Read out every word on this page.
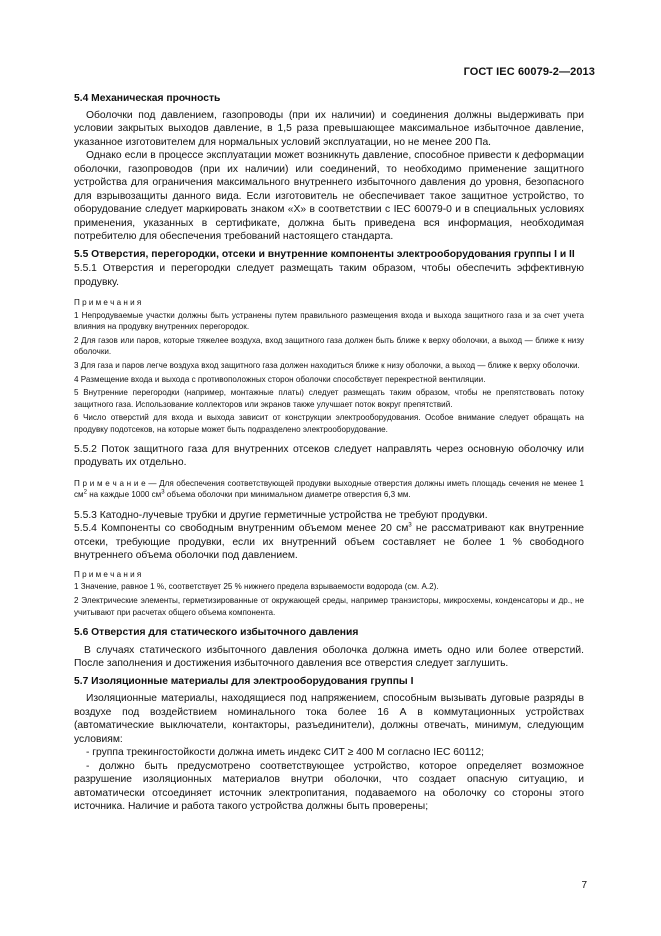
ГОСТ IEC 60079-2—2013

5.4 Механическая прочность

Оболочки под давлением, газопроводы (при их наличии) и соединения должны выдерживать при условии закрытых выходов давление, в 1,5 раза превышающее максимальное избыточное давление, указанное изготовителем для нормальных условий эксплуатации, но не менее 200 Па.

Однако если в процессе эксплуатации может возникнуть давление, способное привести к деформации оболочки, газопроводов (при их наличии) или соединений, то необходимо применение защитного устройства для ограничения максимального внутреннего избыточного давления до уровня, безопасного для взрывозащиты данного вида. Если изготовитель не обеспечивает такое защитное устройство, то оборудование следует маркировать знаком «X» в соответствии с IEC 60079-0 и в специальных условиях применения, указанных в сертификате, должна быть приведена вся информация, необходимая потребителю для обеспечения требований настоящего стандарта.

5.5 Отверстия, перегородки, отсеки и внутренние компоненты электрооборудования группы I и II

5.5.1 Отверстия и перегородки следует размещать таким образом, чтобы обеспечить эффективную продувку.

П р и м е ч а н и я

1 Непродуваемые участки должны быть устранены путем правильного размещения входа и выхода защитного газа и за счет учета влияния на продувку внутренних перегородок.

2 Для газов или паров, которые тяжелее воздуха, вход защитного газа должен быть ближе к верху оболочки, а выход — ближе к низу оболочки.

3 Для газа и паров легче воздуха вход защитного газа должен находиться ближе к низу оболочки, а выход — ближе к верху оболочки.

4 Размещение входа и выхода с противоположных сторон оболочки способствует перекрестной вентиляции.

5 Внутренние перегородки (например, монтажные платы) следует размещать таким образом, чтобы не препятствовать потоку защитного газа. Использование коллекторов или экранов также улучшает поток вокруг препятствий.

6 Число отверстий для входа и выхода зависит от конструкции электрооборудования. Особое внимание следует обращать на продувку подотсеков, на которые может быть подразделено электрооборудование.

5.5.2 Поток защитного газа для внутренних отсеков следует направлять через основную оболочку или продувать их отдельно.

П р и м е ч а н и е — Для обеспечения соответствующей продувки выходные отверстия должны иметь площадь сечения не менее 1 $см^2$ на каждые 1000 $см^3$ объема оболочки при минимальном диаметре отверстия 6,3 мм.

5.5.3 Катодно-лучевые трубки и другие герметичные устройства не требуют продувки.

5.5.4 Компоненты со свободным внутренним объемом менее 20 $см^3$ не рассматривают как внутренние отсеки, требующие продувки, если их внутренний объем составляет не более 1 % свободного внутреннего объема оболочки под давлением.

П р и м е ч а н и я

1 Значение, равное 1 %, соответствует 25 % нижнего предела взрываемости водорода (см. А.2).

2 Электрические элементы, герметизированные от окружающей среды, например транзисторы, микросхемы, конденсаторы и др., не учитывают при расчетах общего объема компонента.

5.6 Отверстия для статического избыточного давления

В случаях статического избыточного давления оболочка должна иметь одно или более отверстий. После заполнения и достижения избыточного давления все отверстия следует заглушить.

5.7 Изоляционные материалы для электрооборудования группы I

Изоляционные материалы, находящиеся под напряжением, способным вызывать дуговые разряды в воздухе под воздействием номинального тока более 16 А в коммутационных устройствах (автоматические выключатели, контакторы, разъединители), должны отвечать, минимум, следующим условиям:

- группа трекингостойкости должна иметь индекс СИТ ≥ 400 М согласно IEC 60112;

- должно быть предусмотрено соответствующее устройство, которое определяет возможное разрушение изоляционных материалов внутри оболочки, что создает опасную ситуацию, и автоматически отсоединяет источник электропитания, подаваемого на оболочку со стороны этого источника. Наличие и работа такого устройства должны быть проверены;

7
